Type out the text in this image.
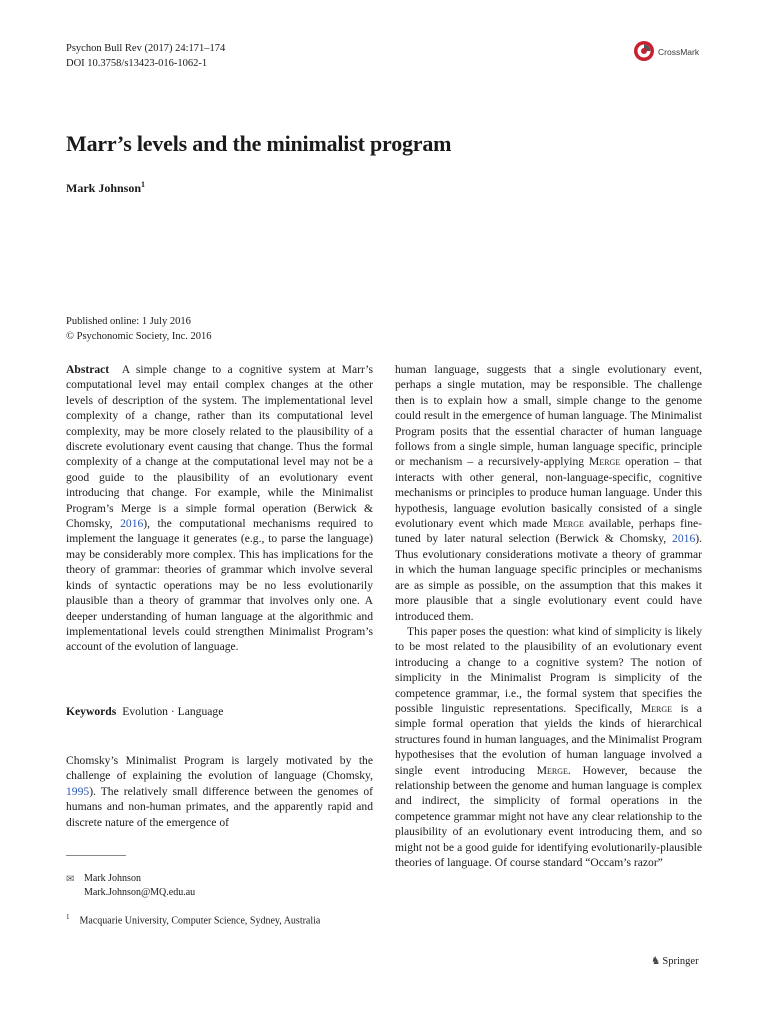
Psychon Bull Rev (2017) 24:171–174
DOI 10.3758/s13423-016-1062-1
CrossMark
Marr’s levels and the minimalist program
Mark Johnson$^1$
Published online: 1 July 2016
© Psychonomic Society, Inc. 2016

Abstract A simple change to a cognitive system at Marr’s computational level may entail complex changes at the other levels of description of the system. The implementational level complexity of a change, rather than its computational level complexity, may be more closely related to the plausibility of a discrete evolutionary event causing that change. Thus the formal complexity of a change at the computational level may not be a good guide to the plausibility of an evolutionary event introducing that change. For example, while the Minimalist Program’s Merge is a simple formal operation (Berwick & Chomsky, 2016), the computational mechanisms required to implement the language it generates (e.g., to parse the language) may be considerably more complex. This has implications for the theory of grammar: theories of grammar which involve several kinds of syntactic operations may be no less evolutionarily plausible than a theory of grammar that involves only one. A deeper understanding of human language at the algorithmic and implementational levels could strengthen Minimalist Program’s account of the evolution of language.

Keywords Evolution · Language

Chomsky’s Minimalist Program is largely motivated by the challenge of explaining the evolution of language (Chomsky, 1995). The relatively small difference between the genomes of humans and non-human primates, and the apparently rapid and discrete nature of the emergence of

human language, suggests that a single evolutionary event, perhaps a single mutation, may be responsible. The challenge then is to explain how a small, simple change to the genome could result in the emergence of human language. The Minimalist Program posits that the essential character of human language follows from a single simple, human language specific, principle or mechanism – a recursively-applying Merge operation – that interacts with other general, non-language-specific, cognitive mechanisms or principles to produce human language. Under this hypothesis, language evolution basically consisted of a single evolutionary event which made Merge available, perhaps fine-tuned by later natural selection (Berwick & Chomsky, 2016). Thus evolutionary considerations motivate a theory of grammar in which the human language specific principles or mechanisms are as simple as possible, on the assumption that this makes it more plausible that a single evolutionary event could have introduced them.

This paper poses the question: what kind of simplicity is likely to be most related to the plausibility of an evolutionary event introducing a change to a cognitive system? The notion of simplicity in the Minimalist Program is simplicity of the competence grammar, i.e., the formal system that specifies the possible linguistic representations. Specifically, Merge is a simple formal operation that yields the kinds of hierarchical structures found in human languages, and the Minimalist Program hypothesises that the evolution of human language involved a single event introducing Merge. However, because the relationship between the genome and human language is complex and indirect, the simplicity of formal operations in the competence grammar might not have any clear relationship to the plausibility of an evolutionary event introducing them, and so might not be a good guide for identifying evolutionarily-plausible theories of language. Of course standard “Occam’s razor”

✉ Mark Johnson
Mark.Johnson@MQ.edu.au
$^1$ Macquarie University, Computer Science, Sydney, Australia
♞ Springer
